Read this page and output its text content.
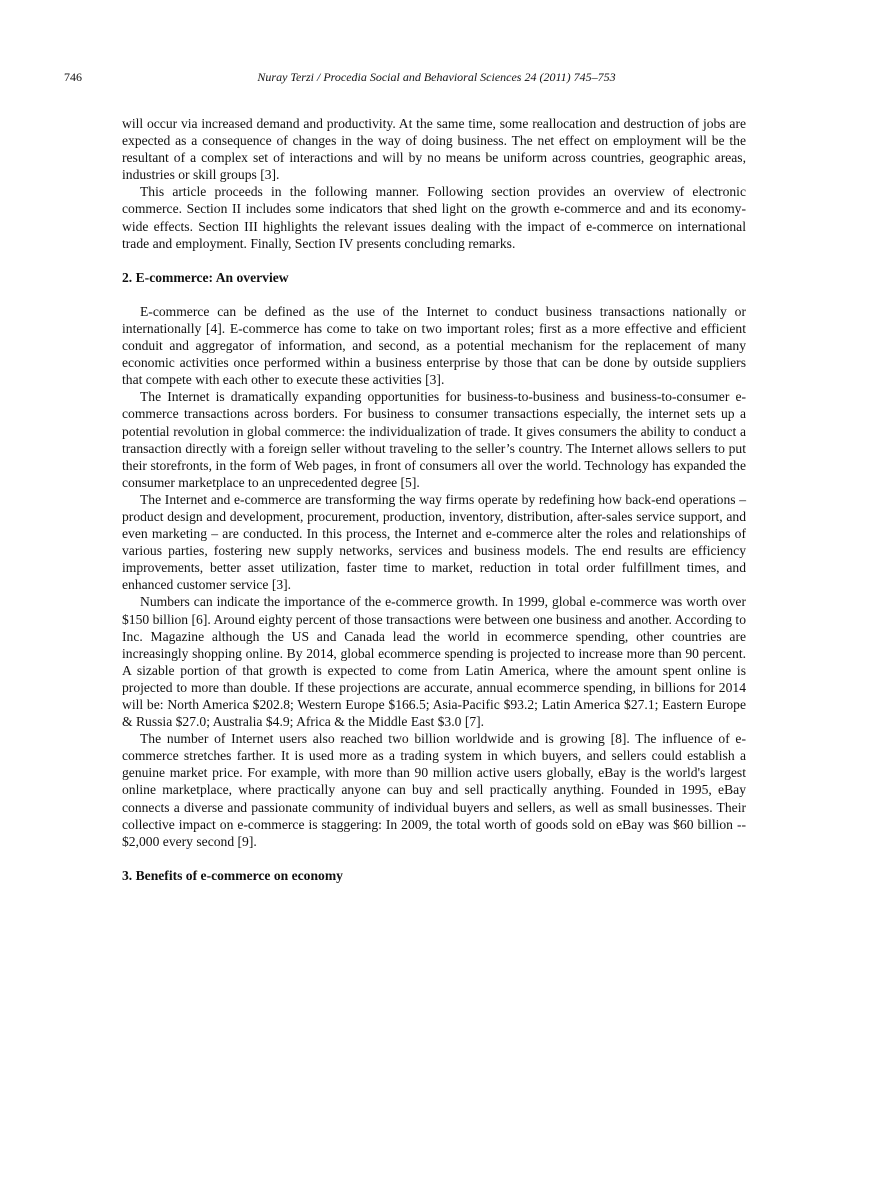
746	Nuray Terzi / Procedia Social and Behavioral Sciences 24 (2011) 745–753

will occur via increased demand and productivity. At the same time, some reallocation and destruction of jobs are expected as a consequence of changes in the way of doing business. The net effect on employment will be the resultant of a complex set of interactions and will by no means be uniform across countries, geographic areas, industries or skill groups [3].

This article proceeds in the following manner. Following section provides an overview of electronic commerce. Section II includes some indicators that shed light on the growth e-commerce and and its economy-wide effects. Section III highlights the relevant issues dealing with the impact of e-commerce on international trade and employment. Finally, Section IV presents concluding remarks.

2. E-commerce: An overview

E-commerce can be defined as the use of the Internet to conduct business transactions nationally or internationally [4]. E-commerce has come to take on two important roles; first as a more effective and efficient conduit and aggregator of information, and second, as a potential mechanism for the replacement of many economic activities once performed within a business enterprise by those that can be done by outside suppliers that compete with each other to execute these activities [3].

The Internet is dramatically expanding opportunities for business-to-business and business-to-consumer e-commerce transactions across borders. For business to consumer transactions especially, the internet sets up a potential revolution in global commerce: the individualization of trade. It gives consumers the ability to conduct a transaction directly with a foreign seller without traveling to the seller’s country. The Internet allows sellers to put their storefronts, in the form of Web pages, in front of consumers all over the world. Technology has expanded the consumer marketplace to an unprecedented degree [5].

The Internet and e-commerce are transforming the way firms operate by redefining how back-end operations – product design and development, procurement, production, inventory, distribution, after-sales service support, and even marketing – are conducted. In this process, the Internet and e-commerce alter the roles and relationships of various parties, fostering new supply networks, services and business models. The end results are efficiency improvements, better asset utilization, faster time to market, reduction in total order fulfillment times, and enhanced customer service [3].

Numbers can indicate the importance of the e-commerce growth. In 1999, global e-commerce was worth over $150 billion [6]. Around eighty percent of those transactions were between one business and another. According to Inc. Magazine although the US and Canada lead the world in ecommerce spending, other countries are increasingly shopping online. By 2014, global ecommerce spending is projected to increase more than 90 percent. A sizable portion of that growth is expected to come from Latin America, where the amount spent online is projected to more than double. If these projections are accurate, annual ecommerce spending, in billions for 2014 will be: North America $202.8; Western Europe $166.5; Asia-Pacific $93.2; Latin America $27.1; Eastern Europe & Russia $27.0; Australia $4.9; Africa & the Middle East $3.0 [7].

The number of Internet users also reached two billion worldwide and is growing [8]. The influence of e-commerce stretches farther. It is used more as a trading system in which buyers, and sellers could establish a genuine market price. For example, with more than 90 million active users globally, eBay is the world's largest online marketplace, where practically anyone can buy and sell practically anything. Founded in 1995, eBay connects a diverse and passionate community of individual buyers and sellers, as well as small businesses. Their collective impact on e-commerce is staggering: In 2009, the total worth of goods sold on eBay was $60 billion -- $2,000 every second [9].

3. Benefits of e-commerce on economy
